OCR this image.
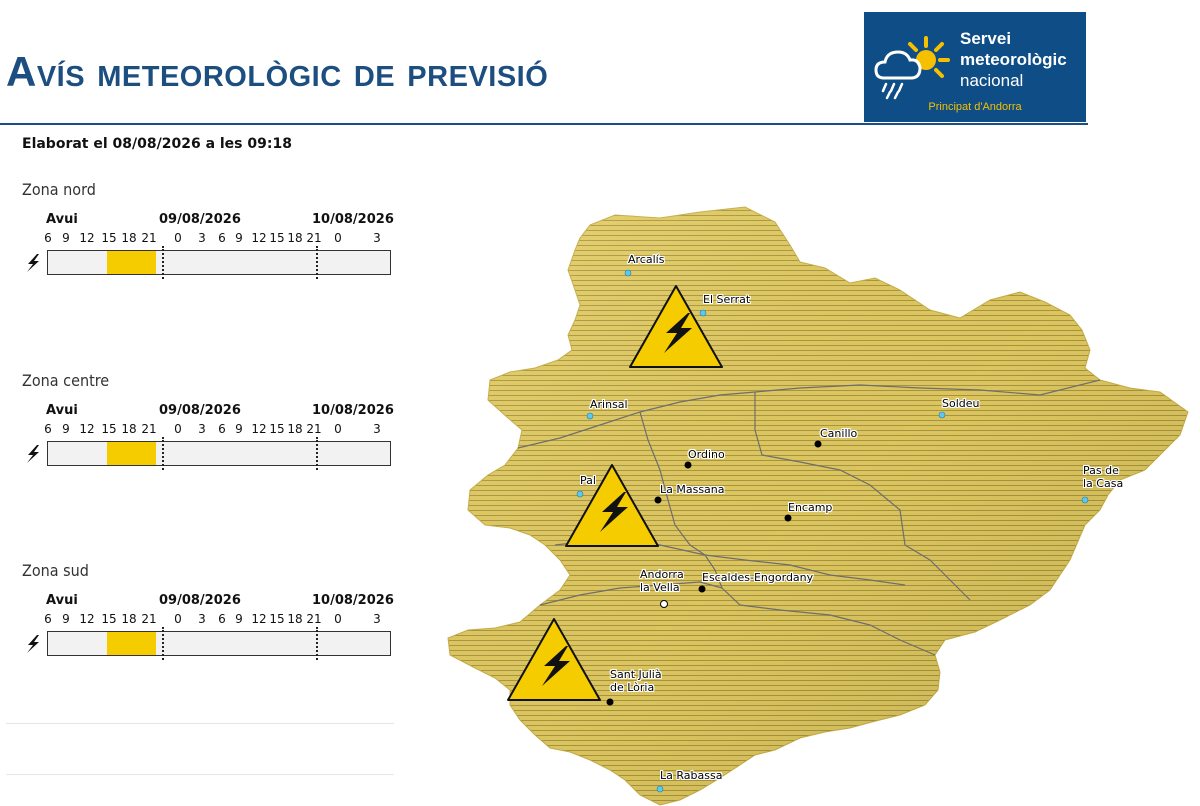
Avís meteorològic de previsió
Servei
meteorològic
nacional
Principat d'Andorra
Elaborat el 08/08/2026 a les 09:18
Zona nord
Avui	09/08/2026	10/08/2026
6 9 12 15 18 21 0 3 6 9 12 15 18 21 0	3
Zona centre
Avui	09/08/2026	10/08/2026
6 9 12 15 18 21 0 3 6 9 12 15 18 21 0	3
Zona sud
Avui	09/08/2026	10/08/2026
6 9 12 15 18 21 0 3 6 9 12 15 18 21 0	3
Arcalís
El Serrat
Arinsal	Soldeu
Canillo
Ordino
Pal
La Massana
Encamp
Pas de
la Casa
Andorra
la Vella
Escaldes-Engordany
Sant Julià
de Lòria
La Rabassa
